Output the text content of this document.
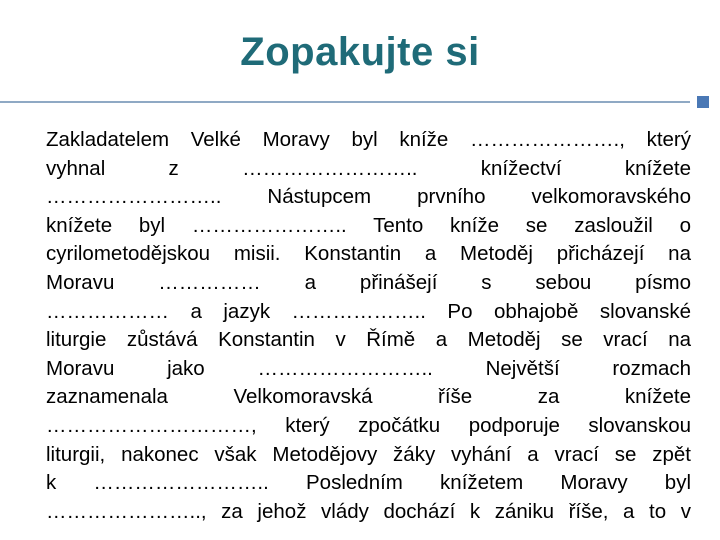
Zopakujte si
Zakladatelem Velké Moravy byl kníže …………………., který
vyhnal z …………………….. knížectví knížete
…………………….. Nástupcem prvního velkomoravského
knížete byl ………………….. Tento kníže se zasloužil o
cyrilometodějskou misii. Konstantin a Metoděj přicházejí na
Moravu …………… a přinášejí s sebou písmo
……………… a jazyk ……………….. Po obhajobě slovanské
liturgie zůstává Konstantin v Římě a Metoděj se vrací na
Moravu jako …………………….. Největší rozmach
zaznamenala Velkomoravská říše za knížete
…………………………, který zpočátku podporuje slovanskou
liturgii, nakonec však Metodějovy žáky vyhání a vrací se zpět
k …………………….. Posledním knížetem Moravy byl
………………….., za jehož vlády dochází k zániku říše, a to v
